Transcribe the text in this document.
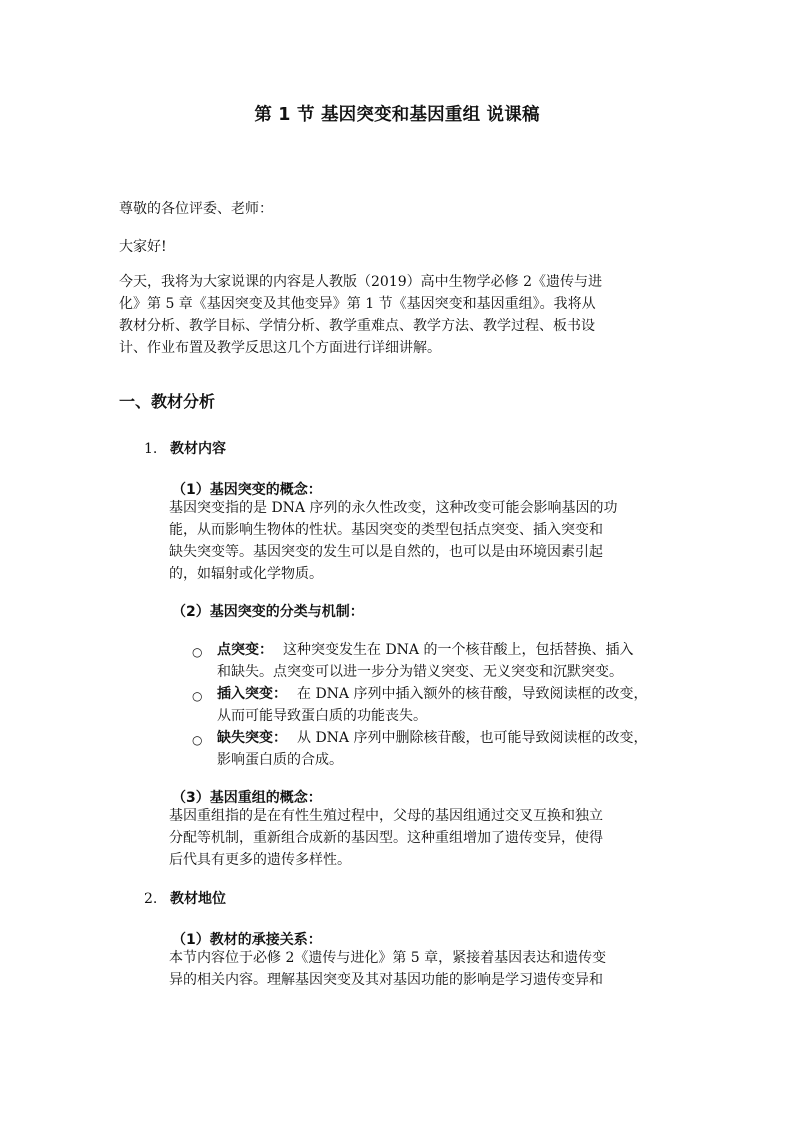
第 1 节 基因突变和基因重组 说课稿
尊敬的各位评委、老师：
大家好!
今天，我将为大家说课的内容是人教版（2019）高中生物学必修 2《遗传与进
化》第 5 章《基因突变及其他变异》第 1 节《基因突变和基因重组》。我将从
教材分析、教学目标、学情分析、教学重难点、教学方法、教学过程、板书设
计、作业布置及教学反思这几个方面进行详细讲解。
一、教材分析
1. 教材内容
（1）基因突变的概念：
基因突变指的是 DNA 序列的永久性改变，这种改变可能会影响基因的功
能，从而影响生物体的性状。基因突变的类型包括点突变、插入突变和
缺失突变等。基因突变的发生可以是自然的，也可以是由环境因素引起
的，如辐射或化学物质。
（2）基因突变的分类与机制：
○ 点突变： 这种突变发生在 DNA 的一个核苷酸上，包括替换、插入
和缺失。点突变可以进一步分为错义突变、无义突变和沉默突变。
○ 插入突变： 在 DNA 序列中插入额外的核苷酸，导致阅读框的改变，
从而可能导致蛋白质的功能丧失。
○ 缺失突变： 从 DNA 序列中删除核苷酸，也可能导致阅读框的改变，
影响蛋白质的合成。
（3）基因重组的概念：
基因重组指的是在有性生殖过程中，父母的基因组通过交叉互换和独立
分配等机制，重新组合成新的基因型。这种重组增加了遗传变异，使得
后代具有更多的遗传多样性。
2. 教材地位
（1）教材的承接关系：
本节内容位于必修 2《遗传与进化》第 5 章，紧接着基因表达和遗传变
异的相关内容。理解基因突变及其对基因功能的影响是学习遗传变异和
